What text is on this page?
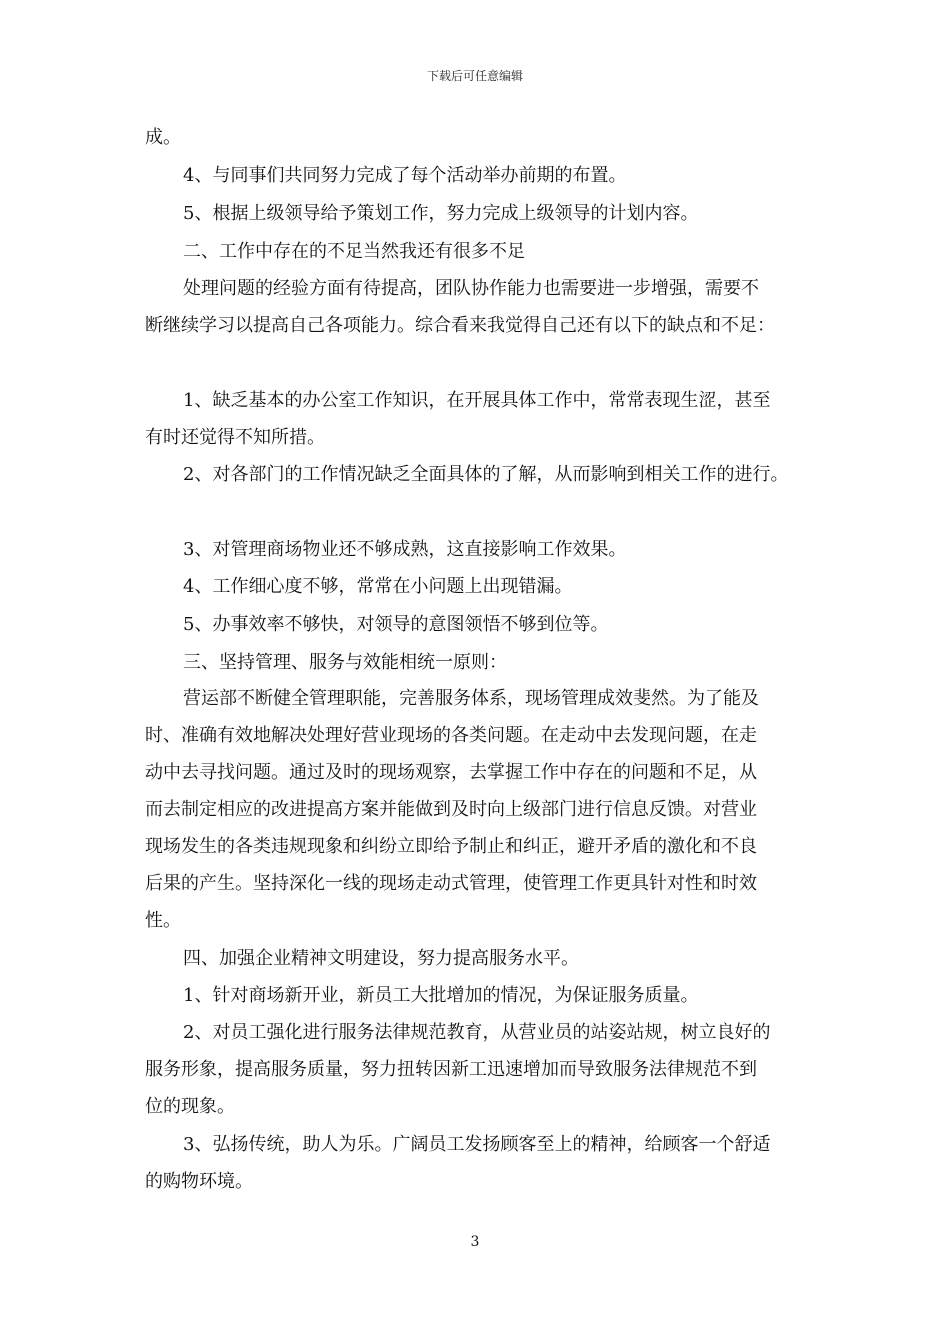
下载后可任意编辑
成。
4、与同事们共同努力完成了每个活动举办前期的布置。
5、根据上级领导给予策划工作，努力完成上级领导的计划内容。
二、工作中存在的不足当然我还有很多不足
处理问题的经验方面有待提高，团队协作能力也需要进一步增强，需要不
断继续学习以提高自己各项能力。综合看来我觉得自己还有以下的缺点和不足：
1、缺乏基本的办公室工作知识，在开展具体工作中，常常表现生涩，甚至
有时还觉得不知所措。
2、对各部门的工作情况缺乏全面具体的了解，从而影响到相关工作的进行。
3、对管理商场物业还不够成熟，这直接影响工作效果。
4、工作细心度不够，常常在小问题上出现错漏。
5、办事效率不够快，对领导的意图领悟不够到位等。
三、坚持管理、服务与效能相统一原则：
营运部不断健全管理职能，完善服务体系，现场管理成效斐然。为了能及
时、准确有效地解决处理好营业现场的各类问题。在走动中去发现问题，在走
动中去寻找问题。通过及时的现场观察，去掌握工作中存在的问题和不足，从
而去制定相应的改进提高方案并能做到及时向上级部门进行信息反馈。对营业
现场发生的各类违规现象和纠纷立即给予制止和纠正，避开矛盾的激化和不良
后果的产生。坚持深化一线的现场走动式管理，使管理工作更具针对性和时效
性。
四、加强企业精神文明建设，努力提高服务水平。
1、针对商场新开业，新员工大批增加的情况，为保证服务质量。
2、对员工强化进行服务法律规范教育，从营业员的站姿站规，树立良好的
服务形象，提高服务质量，努力扭转因新工迅速增加而导致服务法律规范不到
位的现象。
3、弘扬传统，助人为乐。广阔员工发扬顾客至上的精神，给顾客一个舒适
的购物环境。
3
